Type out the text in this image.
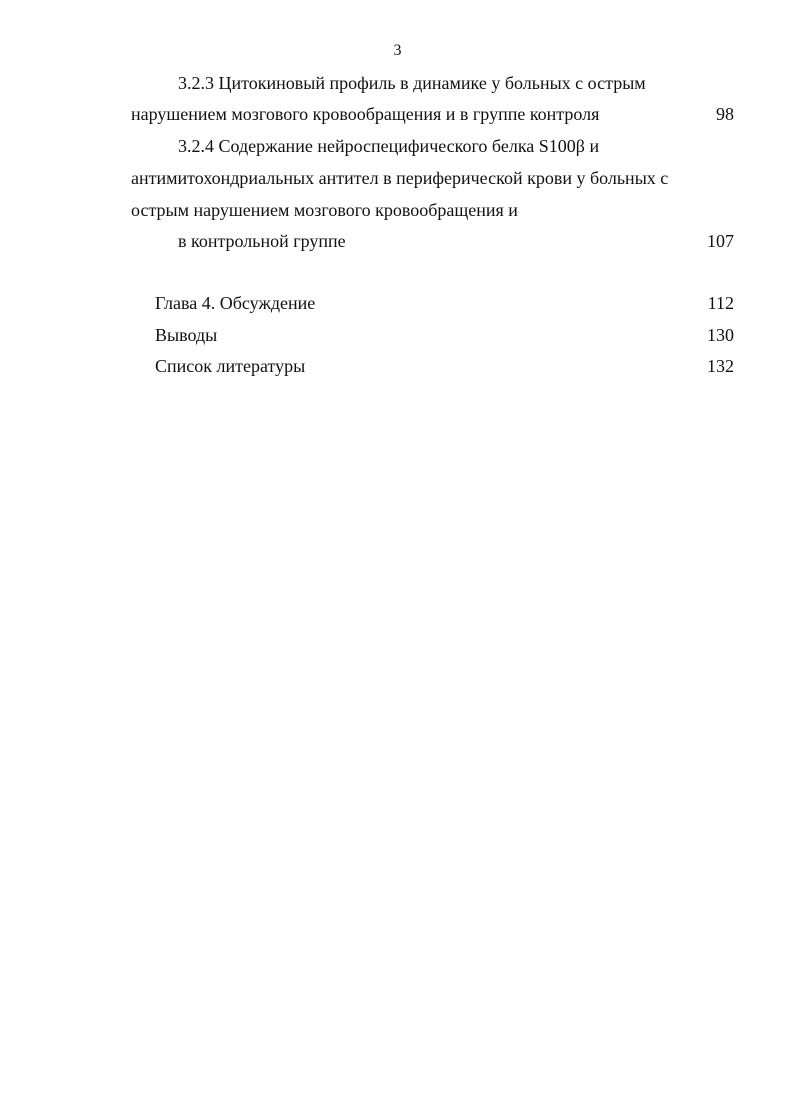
3
3.2.3 Цитокиновый профиль в динамике у больных с острым
нарушением мозгового кровообращения и в группе контроля	98
3.2.4 Содержание нейроспецифического белка S100β и
антимитохондриальных антител в периферической крови у больных с
острым нарушением мозгового кровообращения и
в контрольной группе	107
Глава 4. Обсуждение	112
Выводы	130
Список литературы	132
